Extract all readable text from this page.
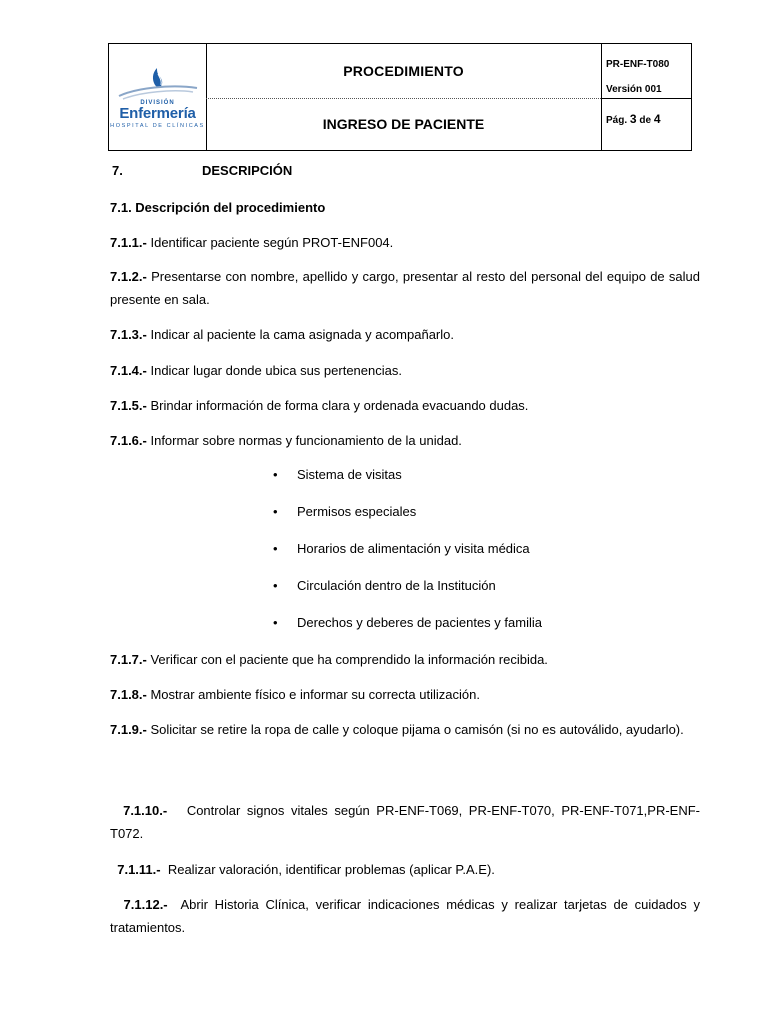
DIVISIÓN
Enfermería
HOSPITAL DE CLÍNICAS
PROCEDIMIENTO
INGRESO DE PACIENTE
PR-ENF-T080
Versión 001
Pág. 3 de 4
7.	DESCRIPCIÓN
7.1. Descripción del procedimiento
7.1.1.- Identificar paciente según PROT-ENF004.
7.1.2.- Presentarse con nombre, apellido y cargo, presentar al resto del personal del equipo de salud presente en sala.
7.1.3.- Indicar al paciente la cama asignada y acompañarlo.
7.1.4.- Indicar lugar donde ubica sus pertenencias.
7.1.5.- Brindar información de forma clara y ordenada evacuando dudas.
7.1.6.- Informar sobre normas y funcionamiento de la unidad.
• Sistema de visitas
• Permisos especiales
• Horarios de alimentación y visita médica
• Circulación dentro de la Institución
• Derechos y deberes de pacientes y familia
7.1.7.- Verificar con el paciente que ha comprendido la información recibida.
7.1.8.- Mostrar ambiente físico e informar su correcta utilización.
7.1.9.- Solicitar se retire la ropa de calle y coloque pijama o camisón (si no es autoválido, ayudarlo).

7.1.10.-   Controlar signos vitales según PR-ENF-T069, PR-ENF-T070, PR-ENF-T071,PR-ENF-T072.

7.1.11.-  Realizar valoración, identificar problemas (aplicar P.A.E).

7.1.12.-  Abrir Historia Clínica, verificar indicaciones médicas y realizar tarjetas de cuidados y tratamientos.
